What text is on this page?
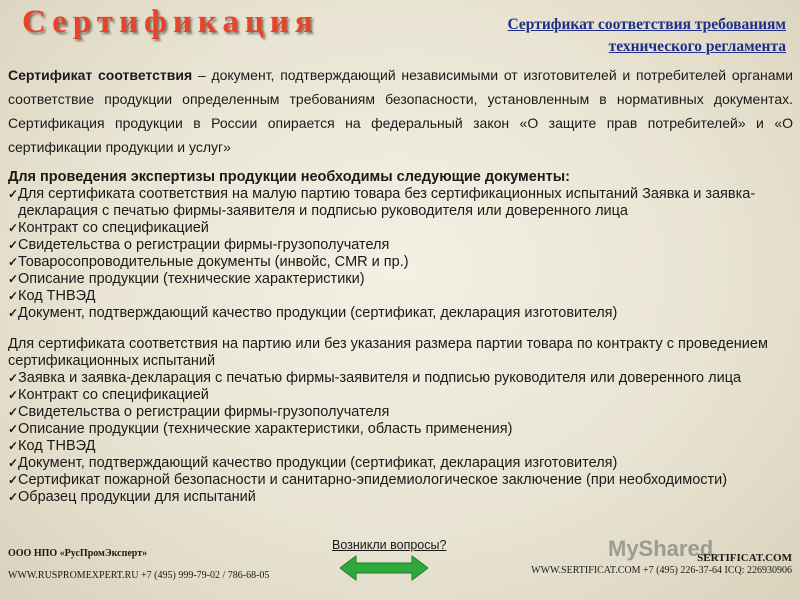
Сертификация	Сертификат соответствия требованиям
технического регламента

Сертификат соответствия – документ, подтверждающий независимыми от изготовителей и потребителей органами соответствие продукции определенным требованиям безопасности, установленным в нормативных документах. Сертификация продукции в России опирается на федеральный закон «О защите прав потребителей» и «О сертификации продукции и услуг»

Для проведения экспертизы продукции необходимы следующие документы:

✓ Для сертификата соответствия на малую партию товара без сертификационных испытаний Заявка и заявка-декларация с печатью фирмы-заявителя и подписью руководителя или доверенного лица
✓ Контракт со спецификацией
✓ Свидетельства о регистрации фирмы-грузополучателя
✓ Товаросопроводительные документы (инвойс, CMR и пр.)
✓ Описание продукции (технические характеристики)
✓ Код ТНВЭД
✓ Документ, подтверждающий качество продукции (сертификат, декларация изготовителя)

Для сертификата соответствия на партию или без указания размера партии товара по контракту с проведением сертификационных испытаний

✓ Заявка и заявка-декларация с печатью фирмы-заявителя и подписью руководителя или доверенного лица
✓ Контракт со спецификацией
✓ Свидетельства о регистрации фирмы-грузополучателя
✓ Описание продукции (технические характеристики, область применения)
✓ Код ТНВЭД
✓ Документ, подтверждающий качество продукции (сертификат, декларация изготовителя)
✓ Сертификат пожарной безопасности и санитарно-эпидемиологическое заключение (при необходимости)
✓ Образец продукции для испытаний
ООО НПО «РусПромЭксперт»
WWW.RUSPROMEXPERT.RU +7 (495) 999-79-02 / 786-68-05
Возникли вопросы?	MyShared
SERTIFICAT.COM
WWW.SERTIFICAT.COM +7 (495) 226-37-64 ICQ: 226930906
